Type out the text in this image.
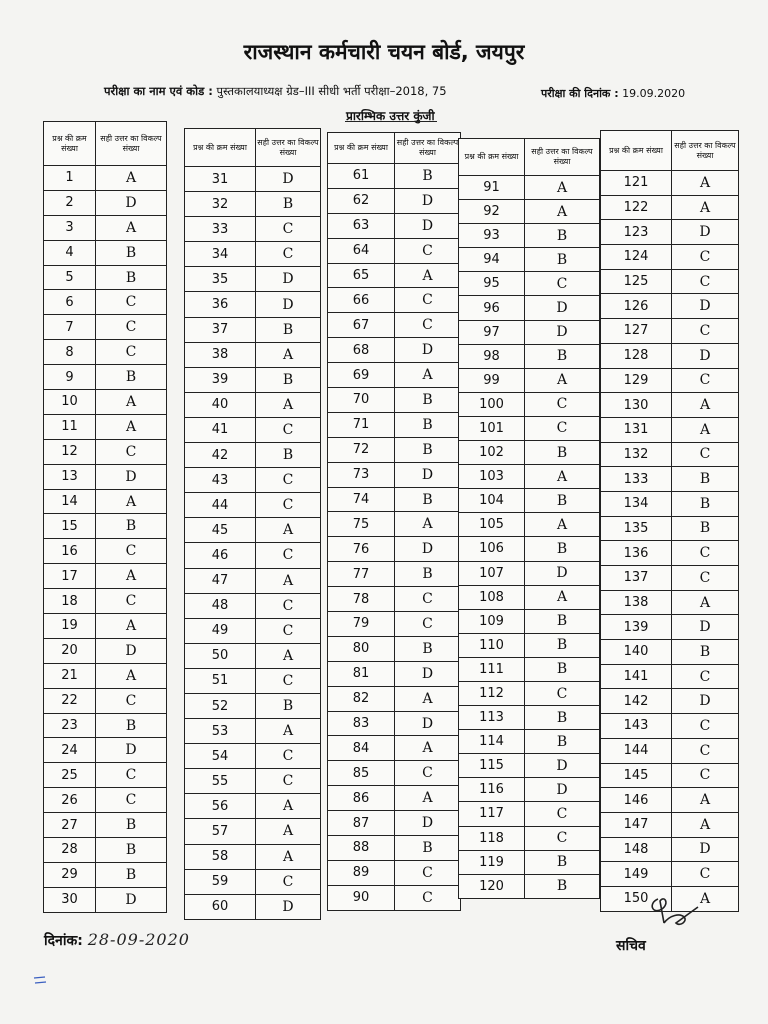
राजस्थान कर्मचारी चयन बोर्ड, जयपुर
परीक्षा का नाम एवं कोड : पुस्तकालयाध्यक्ष ग्रेड–III सीधी भर्ती परीक्षा–2018, 75	परीक्षा की दिनांक : 19.09.2020
प्रारम्भिक उत्तर कुंजी
प्रश्न की क्रम संख्या	सही उत्तर का विकल्प संख्या
1	A
2	D
3	A
4	B
5	B
6	C
7	C
8	C
9	B
10	A
11	A
12	C
13	D
14	A
15	B
16	C
17	A
18	C
19	A
20	D
21	A
22	C
23	B
24	D
25	C
26	C
27	B
28	B
29	B
30	D
प्रश्न की क्रम संख्या	सही उत्तर का विकल्प संख्या
31	D
32	B
33	C
34	C
35	D
36	D
37	B
38	A
39	B
40	A
41	C
42	B
43	C
44	C
45	A
46	C
47	A
48	C
49	C
50	A
51	C
52	B
53	A
54	C
55	C
56	A
57	A
58	A
59	C
60	D
प्रश्न की क्रम संख्या	सही उत्तर का विकल्प संख्या
61	B
62	D
63	D
64	C
65	A
66	C
67	C
68	D
69	A
70	B
71	B
72	B
73	D
74	B
75	A
76	D
77	B
78	C
79	C
80	B
81	D
82	A
83	D
84	A
85	C
86	A
87	D
88	B
89	C
90	C
प्रश्न की क्रम संख्या	सही उत्तर का विकल्प संख्या
91	A
92	A
93	B
94	B
95	C
96	D
97	D
98	B
99	A
100	C
101	C
102	B
103	A
104	B
105	A
106	B
107	D
108	A
109	B
110	B
111	B
112	C
113	B
114	B
115	D
116	D
117	C
118	C
119	B
120	B
प्रश्न की क्रम संख्या	सही उत्तर का विकल्प संख्या
121	A
122	A
123	D
124	C
125	C
126	D
127	C
128	D
129	C
130	A
131	A
132	C
133	B
134	B
135	B
136	C
137	C
138	A
139	D
140	B
141	C
142	D
143	C
144	C
145	C
146	A
147	A
148	D
149	C
150	A
दिनांक: 28-09-2020	सचिव
